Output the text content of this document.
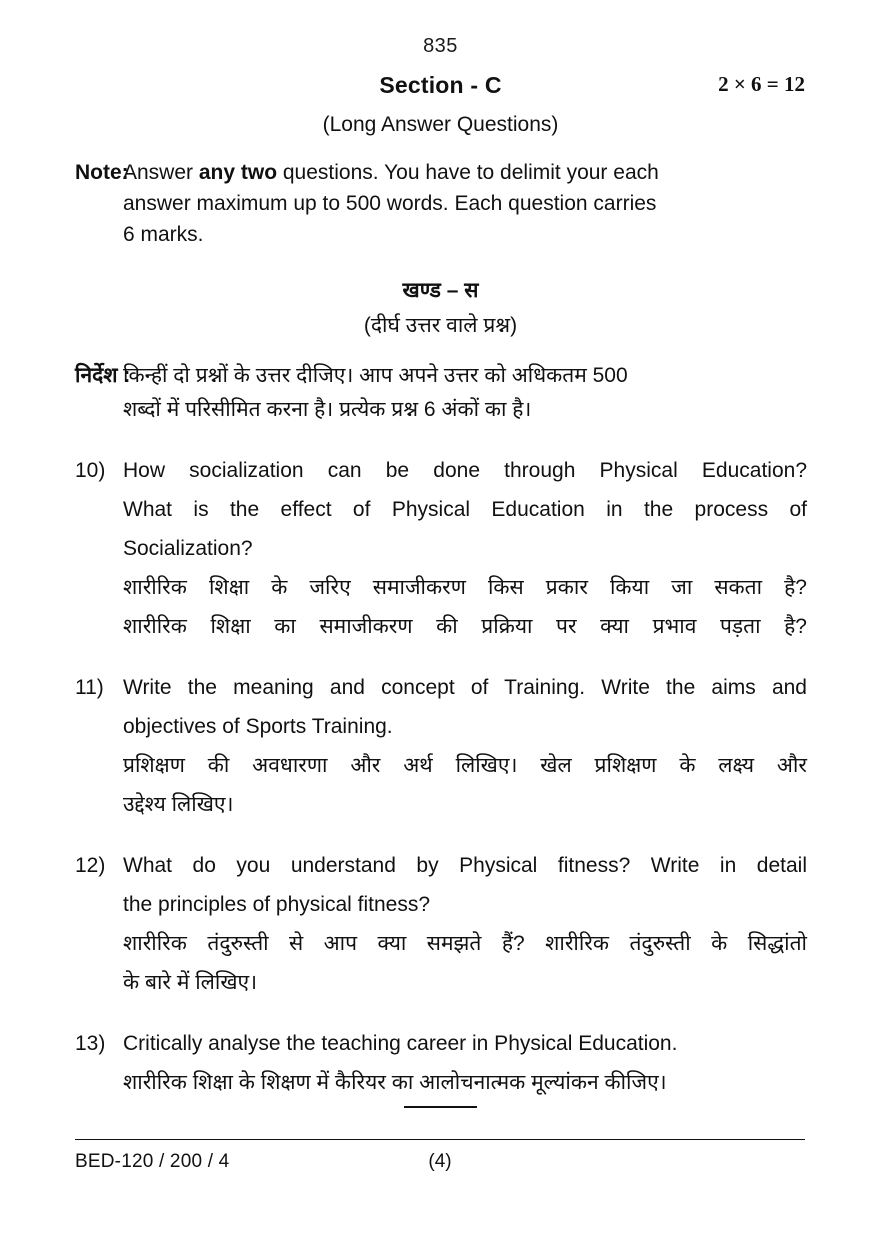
835
Section - C	2 × 6 = 12
(Long Answer Questions)
Note:
Answer any two questions. You have to delimit your each
answer maximum up to 500 words. Each question carries
6 marks.
खण्ड – स
(दीर्घ उत्तर वाले प्रश्न)
निर्देश :
किन्हीं दो प्रश्नों के उत्तर दीजिए। आप अपने उत्तर को अधिकतम 500
शब्दों में परिसीमित करना है। प्रत्येक प्रश्न 6 अंकों का है।
10) How socialization can be done through Physical Education?
What is the effect of Physical Education in the process of
Socialization?
शारीरिक शिक्षा के जरिए समाजीकरण किस प्रकार किया जा सकता है?
शारीरिक शिक्षा का समाजीकरण की प्रक्रिया पर क्या प्रभाव पड़ता है?
11) Write the meaning and concept of Training. Write the aims and
objectives of Sports Training.
प्रशिक्षण की अवधारणा और अर्थ लिखिए। खेल प्रशिक्षण के लक्ष्य और
उद्देश्य लिखिए।
12) What do you understand by Physical fitness? Write in detail
the principles of physical fitness?
शारीरिक तंदुरुस्ती से आप क्या समझते हैं? शारीरिक तंदुरुस्ती के सिद्धांतो
के बारे में लिखिए।
13) Critically analyse the teaching career in Physical Education.
शारीरिक शिक्षा के शिक्षण में कैरियर का आलोचनात्मक मूल्यांकन कीजिए।
BED-120 / 200 / 4	(4)
